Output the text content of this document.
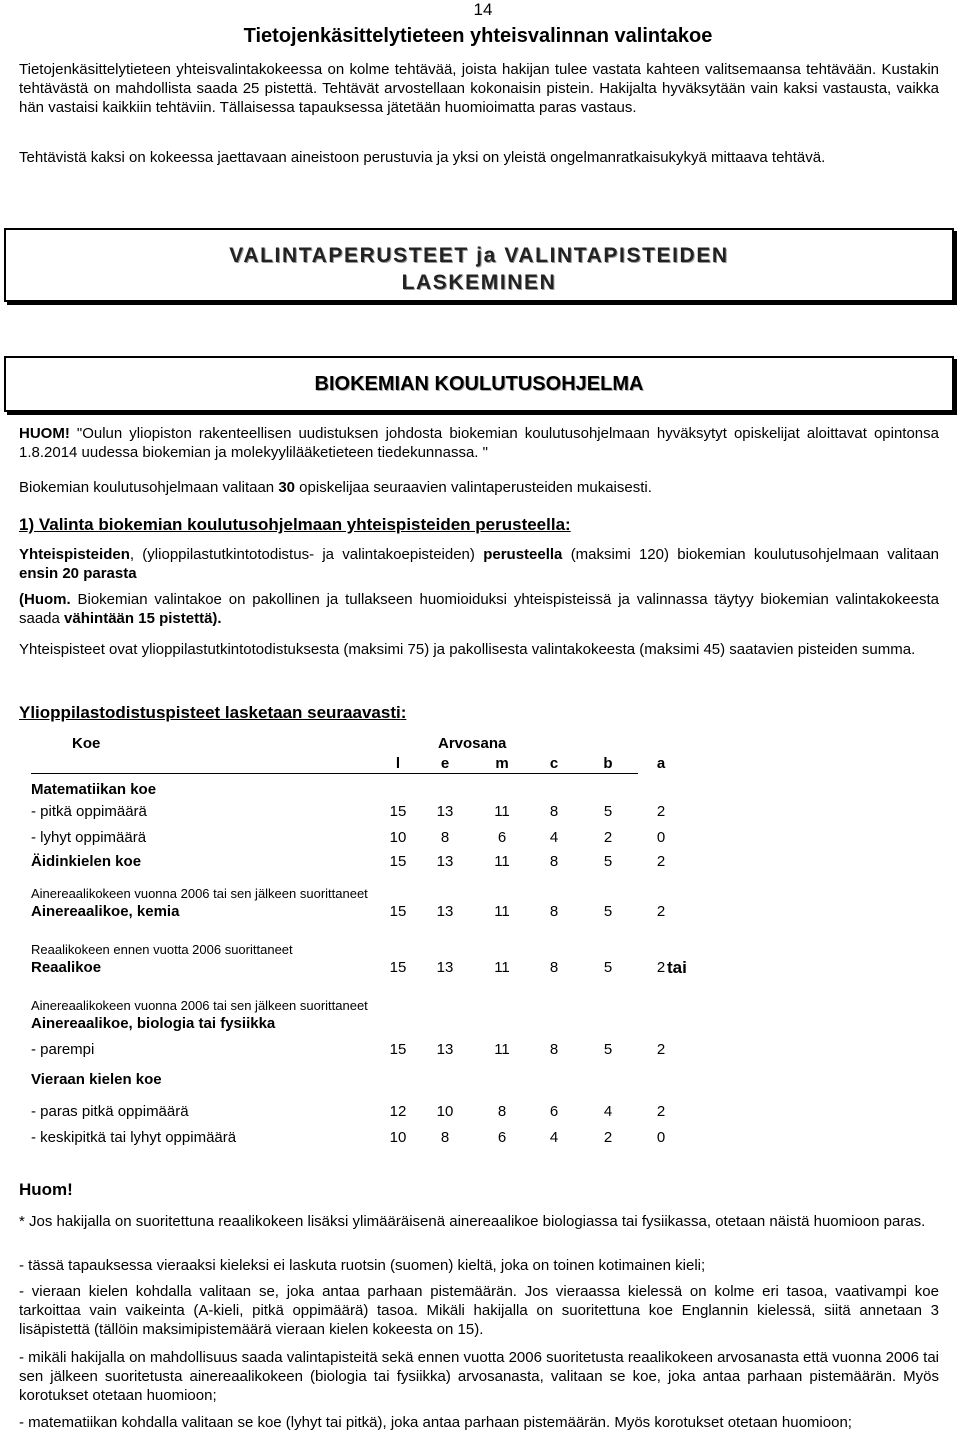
14
Tietojenkäsittelytieteen yhteisvalinnan valintakoe
Tietojenkäsittelytieteen yhteisvalintakokeessa on kolme tehtävää, joista hakijan tulee vastata kahteen valitsemaansa tehtävään. Kustakin tehtävästä on mahdollista saada 25 pistettä. Tehtävät arvostellaan kokonaisin pistein. Hakijalta hyväksytään vain kaksi vastausta, vaikka hän vastaisi kaikkiin tehtäviin. Tällaisessa tapauksessa jätetään huomioimatta paras vastaus.
Tehtävistä kaksi on kokeessa jaettavaan aineistoon perustuvia ja yksi on yleistä ongelmanratkaisukykyä mittaava tehtävä.
VALINTAPERUSTEET ja VALINTAPISTEIDEN
LASKEMINEN
BIOKEMIAN KOULUTUSOHJELMA
HUOM! "Oulun yliopiston rakenteellisen uudistuksen johdosta biokemian koulutusohjelmaan hyväksytyt opiskelijat aloittavat opintonsa 1.8.2014 uudessa biokemian ja molekyylilääketieteen tiedekunnassa. "
Biokemian koulutusohjelmaan valitaan 30 opiskelijaa seuraavien valintaperusteiden mukaisesti.
1) Valinta biokemian koulutusohjelmaan yhteispisteiden perusteella:
Yhteispisteiden, (ylioppilastutkintotodistus- ja valintakoepisteiden) perusteella (maksimi 120) biokemian koulutusohjelmaan valitaan ensin 20 parasta
(Huom. Biokemian valintakoe on pakollinen ja tullakseen huomioiduksi yhteispisteissä ja valinnassa täytyy biokemian valintakokeesta saada vähintään 15 pistettä).
Yhteispisteet ovat ylioppilastutkintotodistuksesta (maksimi 75) ja pakollisesta valintakokeesta (maksimi 45) saatavien pisteiden summa.
Ylioppilastodistuspisteet lasketaan seuraavasti:
Koe	Arvosana
l	e	m	c	b	a
Matematiikan koe
- pitkä oppimäärä	15	13	11	8	5	2
- lyhyt oppimäärä	10	8	6	4	2	0
Äidinkielen koe	15	13	11	8	5	2
Ainereaalikokeen vuonna 2006 tai sen jälkeen suorittaneet
Ainereaalikoe, kemia	15	13	11	8	5	2
Reaalikokeen ennen vuotta 2006 suorittaneet
Reaalikoe	15	13	11	8	5	2 tai
Ainereaalikokeen vuonna 2006 tai sen jälkeen suorittaneet
Ainereaalikoe, biologia tai fysiikka
- parempi	15	13	11	8	5	2
Vieraan kielen koe
- paras pitkä oppimäärä	12	10	8	6	4	2
- keskipitkä tai lyhyt oppimäärä	10	8	6	4	2	0
Huom!
* Jos hakijalla on suoritettuna reaalikokeen lisäksi ylimääräisenä ainereaalikoe biologiassa tai fysiikassa, otetaan näistä huomioon paras.
- tässä tapauksessa vieraaksi kieleksi ei laskuta ruotsin (suomen) kieltä, joka on toinen kotimainen kieli;
- vieraan kielen kohdalla valitaan se, joka antaa parhaan pistemäärän. Jos vieraassa kielessä on kolme eri tasoa, vaativampi koe tarkoittaa vain vaikeinta (A-kieli, pitkä oppimäärä) tasoa. Mikäli hakijalla on suoritettuna koe Englannin kielessä, siitä annetaan 3 lisäpistettä (tällöin maksimipistemäärä vieraan kielen kokeesta on 15).
- mikäli hakijalla on mahdollisuus saada valintapisteitä sekä ennen vuotta 2006 suoritetusta reaalikokeen arvosanasta että vuonna 2006 tai sen jälkeen suoritetusta ainereaalikokeen (biologia tai fysiikka) arvosanasta, valitaan se koe, joka antaa parhaan pistemäärän. Myös korotukset otetaan huomioon;
- matematiikan kohdalla valitaan se koe (lyhyt tai pitkä), joka antaa parhaan pistemäärän. Myös korotukset otetaan huomioon;
